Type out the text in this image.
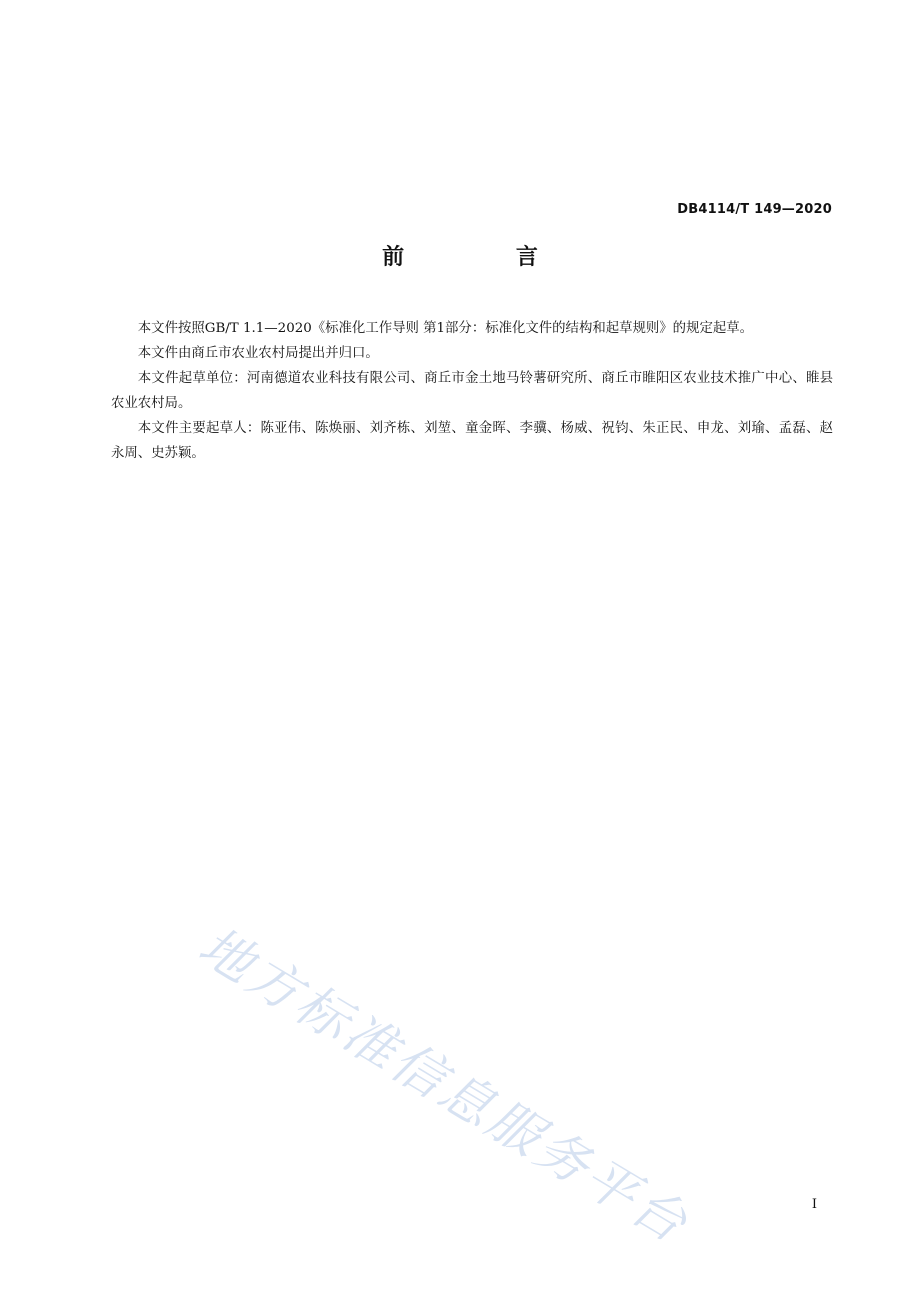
DB4114/T 149—2020
前 言

本文件按照GB/T 1.1—2020《标准化工作导则 第1部分：标准化文件的结构和起草规则》的规定起草。

本文件由商丘市农业农村局提出并归口。

本文件起草单位：河南德道农业科技有限公司、商丘市金土地马铃薯研究所、商丘市睢阳区农业技术推广中心、睢县农业农村局。

本文件主要起草人：陈亚伟、陈焕丽、刘齐栋、刘堃、童金晖、李骥、杨威、祝钧、朱正民、申龙、刘瑜、孟磊、赵永周、史苏颖。

地方标准信息服务平台	I
